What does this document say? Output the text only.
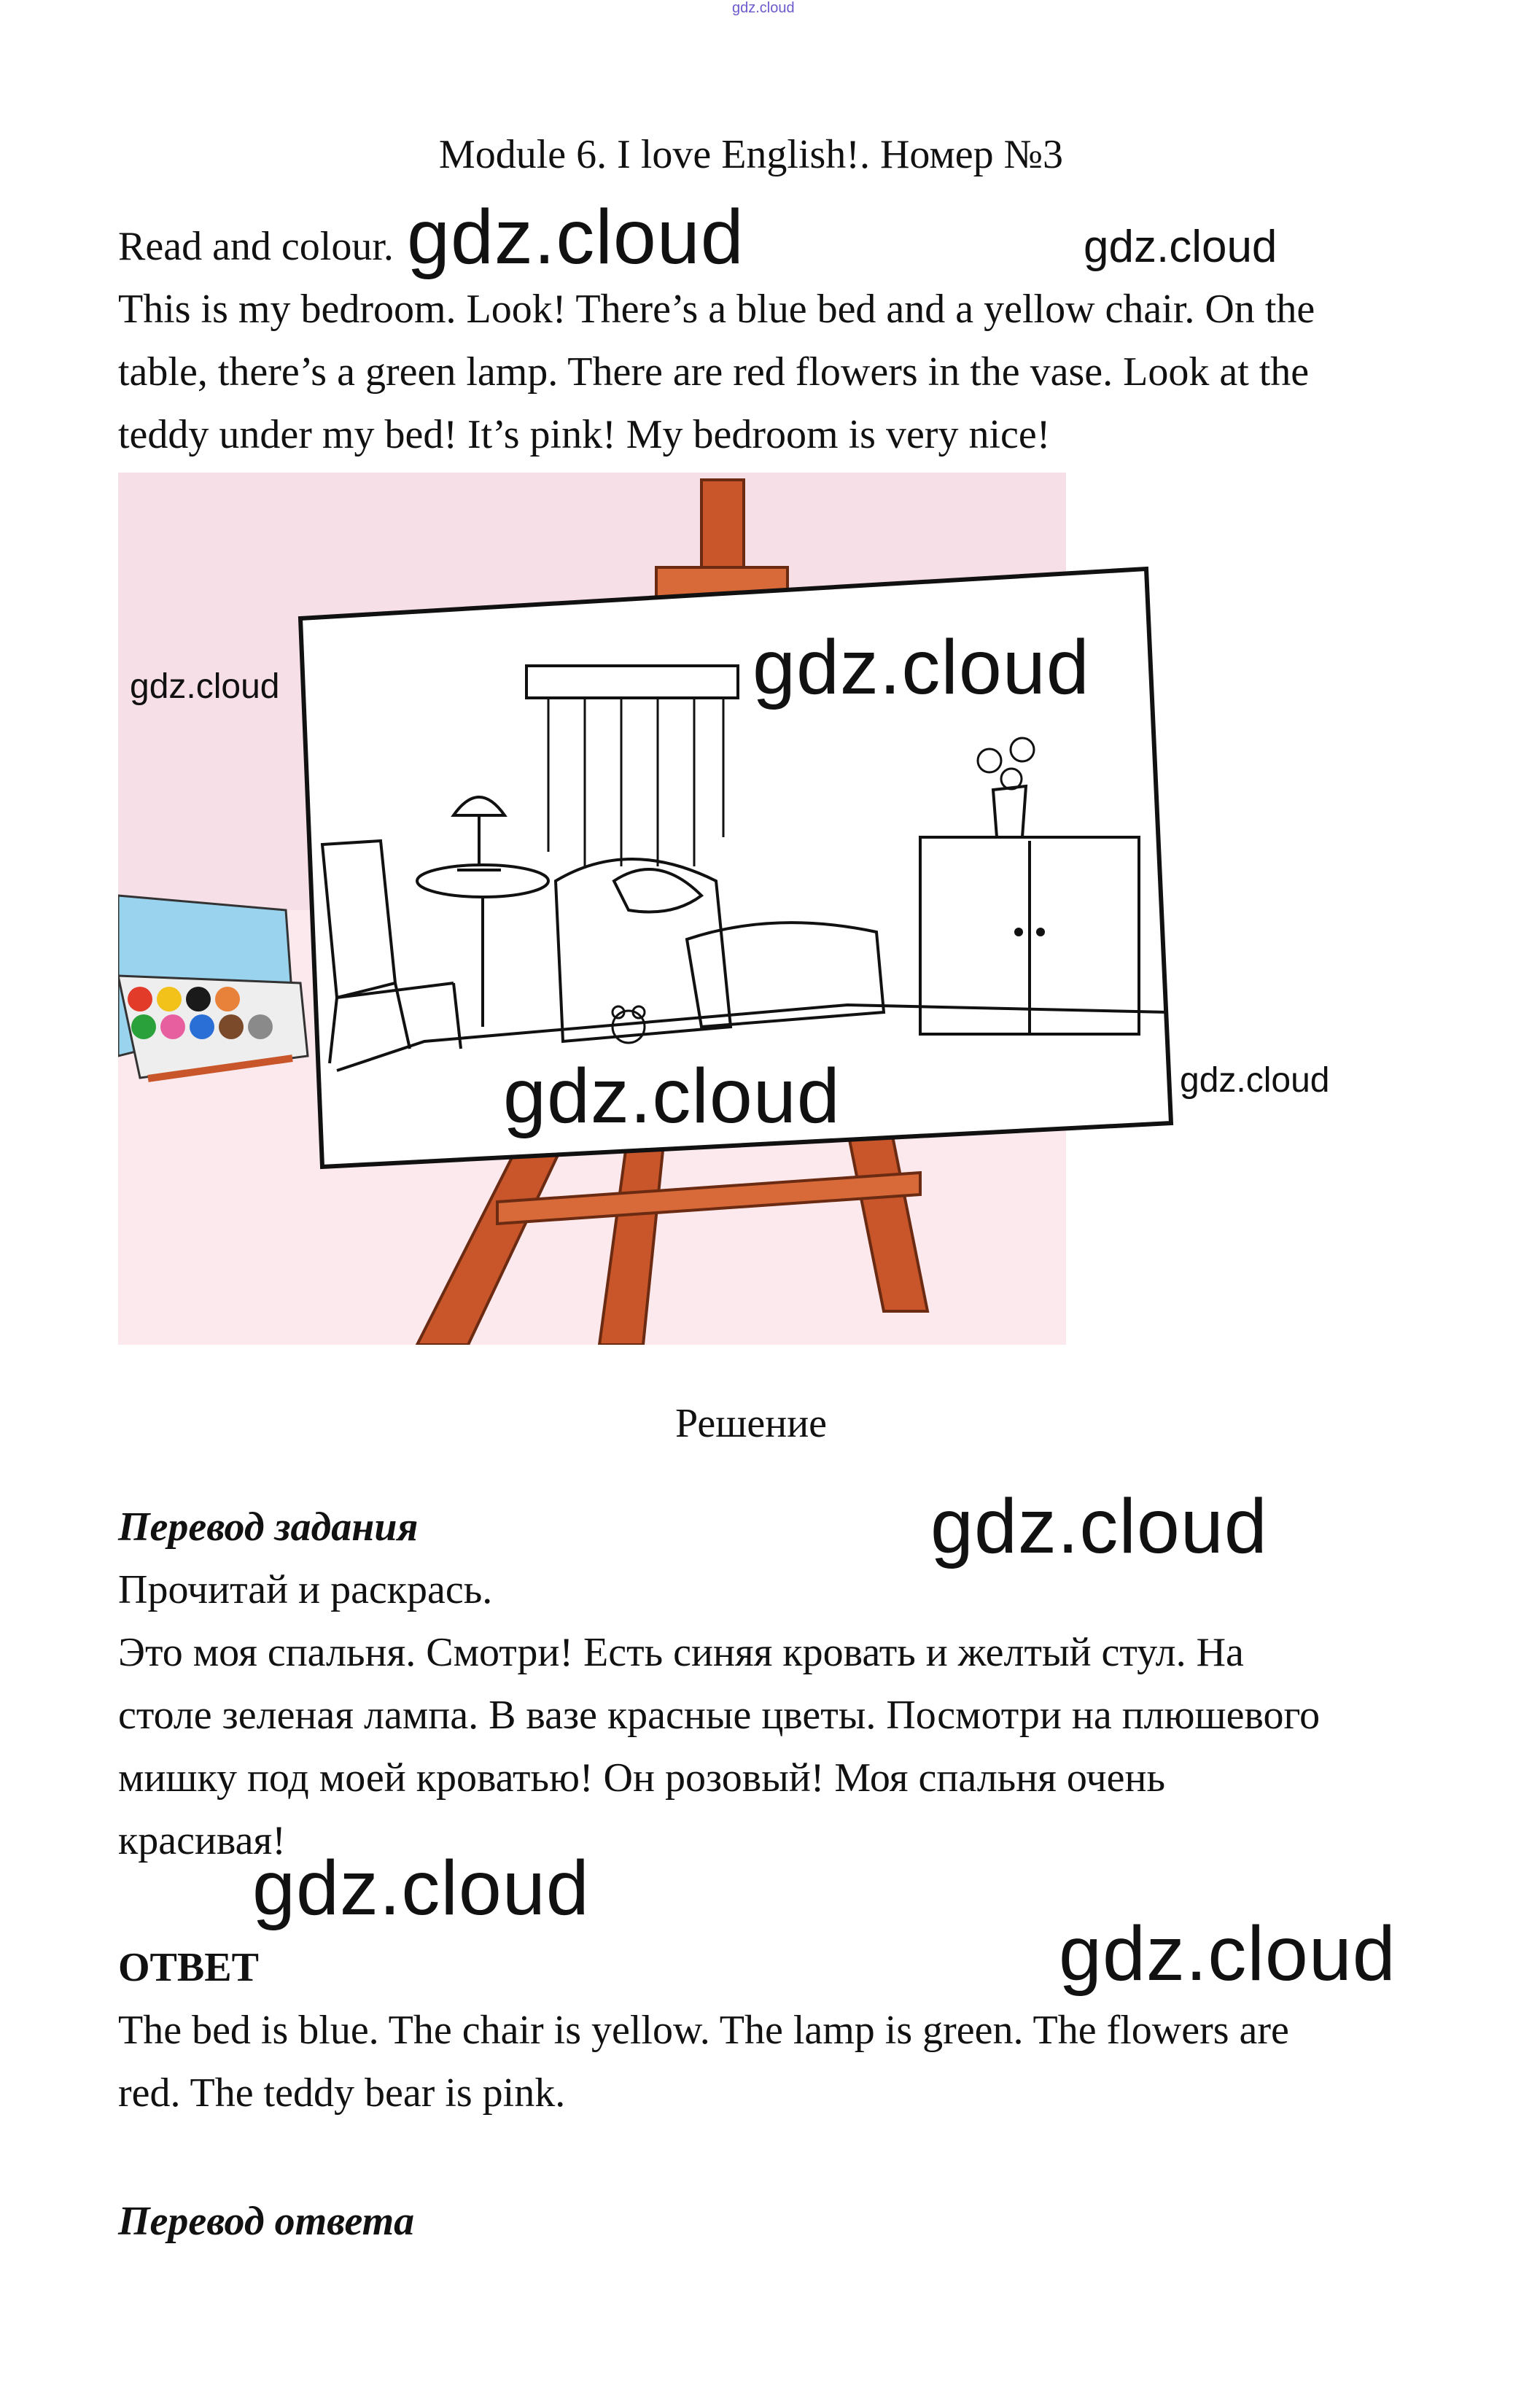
gdz.cloud
Module 6. I love English!. Номер №3
Read and colour.
This is my bedroom. Look! There’s a blue bed and a yellow chair. On the
table, there’s a green lamp. There are red flowers in the vase. Look at the
teddy under my bed! It’s pink! My bedroom is very nice!
Решение
Перевод задания
Прочитай и раскрась.
Это моя спальня. Смотри! Есть синяя кровать и желтый стул. На
столе зеленая лампа. В вазе красные цветы. Посмотри на плюшевого
мишку под моей кроватью! Он розовый! Моя спальня очень
красивая!
ОТВЕТ
The bed is blue. The chair is yellow. The lamp is green. The flowers are
red. The teddy bear is pink.
Перевод ответа
gdz.cloud	gdz.cloud
gdz.cloud	gdz.cloud
gdz.cloud	gdz.cloud
gdz.cloud
gdz.cloud
gdz.cloud
